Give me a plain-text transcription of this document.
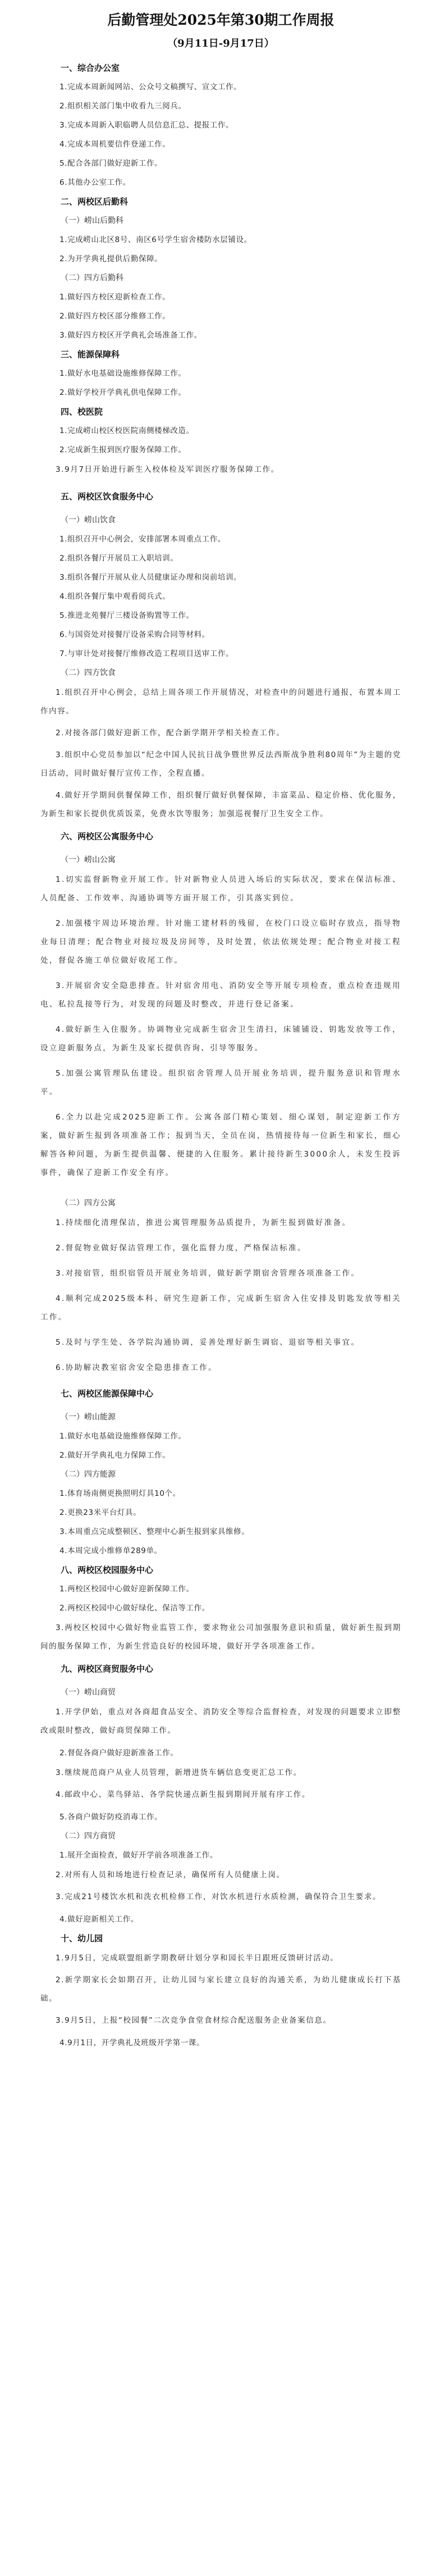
后勤管理处2025年第30期工作周报
（9月11日-9月17日）

一、综合办公室

1.完成本周新闻网站、公众号文稿撰写、宣文工作。

2.组织相关部门集中收看九三阅兵。

3.完成本周新入职临聘人员信息汇总、提报工作。

4.完成本周机要信件登递工作。

5.配合各部门做好迎新工作。

6.其他办公室工作。

二、两校区后勤科

（一）崂山后勤科

1.完成崂山北区8号、南区6号学生宿舍楼防水层铺设。

2.为开学典礼提供后勤保障。

（二）四方后勤科

1.做好四方校区迎新检查工作。

2.做好四方校区部分维修工作。

3.做好四方校区开学典礼会场准备工作。

三、能源保障科

1.做好水电基础设施维修保障工作。

2.做好学校开学典礼供电保障工作。

四、校医院

1.完成崂山校区校医院南侧楼梯改造。

2.完成新生报到医疗服务保障工作。

3.9月7日开始进行新生入校体检及军训医疗服务保障工作。

五、两校区饮食服务中心

（一）崂山饮食

1.组织召开中心例会，安排部署本周重点工作。

2.组织各餐厅开展员工入职培训。

3.组织各餐厅开展从业人员健康证办理和岗前培训。

4.组织各餐厅集中观看阅兵式。

5.推进北苑餐厅三楼设备购置等工作。

6.与国资处对接餐厅设备采购合同等材料。

7.与审计处对接餐厅维修改造工程项目送审工作。

（二）四方饮食

1.组织召开中心例会，总结上周各项工作开展情况，对检查中的问题进行通报，布置本周工作内容。

2.对接各部门做好迎新工作，配合新学期开学相关检查工作。

3.组织中心党员参加以“纪念中国人民抗日战争暨世界反法西斯战争胜利80周年”为主题的党日活动，同时做好餐厅宣传工作，全程直播。

4.做好开学期间供餐保障工作，组织餐厅做好供餐保障，丰富菜品、稳定价格、优化服务，为新生和家长提供优质饭菜，免费水饮等服务；加强巡视餐厅卫生安全工作。

六、两校区公寓服务中心

（一）崂山公寓

1.切实监督新物业开展工作。针对新物业人员进入场后的实际状况，要求在保洁标准、人员配备、工作效率、沟通协调等方面开展工作，引其落实到位。

2.加强楼宇周边环境治理。针对施工建材料的残留，在校门口设立临时存放点，指导物业每日清理；配合物业对接垃圾及房间等，及时处置，依法依规处理；配合物业对接工程处，督促各施工单位做好收尾工作。

3.开展宿舍安全隐患排查。针对宿舍用电、消防安全等开展专项检查，重点检查违规用电、私拉乱接等行为，对发现的问题及时整改，并进行登记备案。

4.做好新生入住服务。协调物业完成新生宿舍卫生清扫，床铺铺设、钥匙发放等工作，设立迎新服务点，为新生及家长提供咨询、引导等服务。

5.加强公寓管理队伍建设。组织宿舍管理人员开展业务培训，提升服务意识和管理水平。

6.全力以赴完成2025迎新工作。公寓各部门精心策划、细心谋划，制定迎新工作方案，做好新生报到各项准备工作；报到当天，全员在岗，热情接待每一位新生和家长，细心解答各种问题，为新生提供温馨、便捷的入住服务。累计接待新生3000余人，未发生投诉事件，确保了迎新工作安全有序。

（二）四方公寓

1.持续细化清理保洁，推进公寓管理服务品质提升，为新生报到做好准备。

2.督促物业做好保洁管理工作，强化监督力度，严格保洁标准。

3.对接宿管，组织宿管员开展业务培训，做好新学期宿舍管理各项准备工作。

4.顺利完成2025级本科、研究生迎新工作，完成新生宿舍入住安排及钥匙发放等相关工作。

5.及时与学生处、各学院沟通协调，妥善处理好新生调宿、退宿等相关事宜。

6.协助解决教室宿舍安全隐患排查工作。

七、两校区能源保障中心

（一）崂山能源

1.做好水电基础设施维修保障工作。

2.做好开学典礼电力保障工作。

（二）四方能源

1.体育场南侧更换照明灯具10个。

2.更换23米平台灯具。

3.本周重点完成整顿区、整理中心新生报到家具维修。

4.本周完成小维修单289单。

八、两校区校园服务中心

1.两校区校园中心做好迎新保障工作。

2.两校区校园中心做好绿化、保洁等工作。

3.两校区校园中心做好物业监管工作，要求物业公司加强服务意识和质量，做好新生报到期间的服务保障工作，为新生营造良好的校园环境，做好开学各项准备工作。

九、两校区商贸服务中心

（一）崂山商贸

1.开学伊始，重点对各商超食品安全、消防安全等综合监督检查，对发现的问题要求立即整改或限时整改，做好商贸保障工作。

2.督促各商户做好迎新准备工作。

3.继续规范商户从业人员管理，新增进货车辆信息变更汇总工作。

4.邮政中心、菜鸟驿站、各学院快递点新生报到期间开展有序工作。

5.各商户做好防疫消毒工作。

（二）四方商贸

1.展开全面检查，做好开学前各项准备工作。

2.对所有人员和场地进行检查记录，确保所有人员健康上岗。

3.完成21号楼饮水机和洗衣机检修工作，对饮水机进行水质检测，确保符合卫生要求。

4.做好迎新相关工作。

十、幼儿园

1.9月5日，完成联盟组新学期教研计划分享和园长半日跟班反馈研讨活动。

2.新学期家长会如期召开，让幼儿园与家长建立良好的沟通关系，为幼儿健康成长打下基础。

3.9月5日，上报“校园餐”二次竞争食堂食材综合配送服务企业备案信息。

4.9月1日，开学典礼及班级开学第一课。
